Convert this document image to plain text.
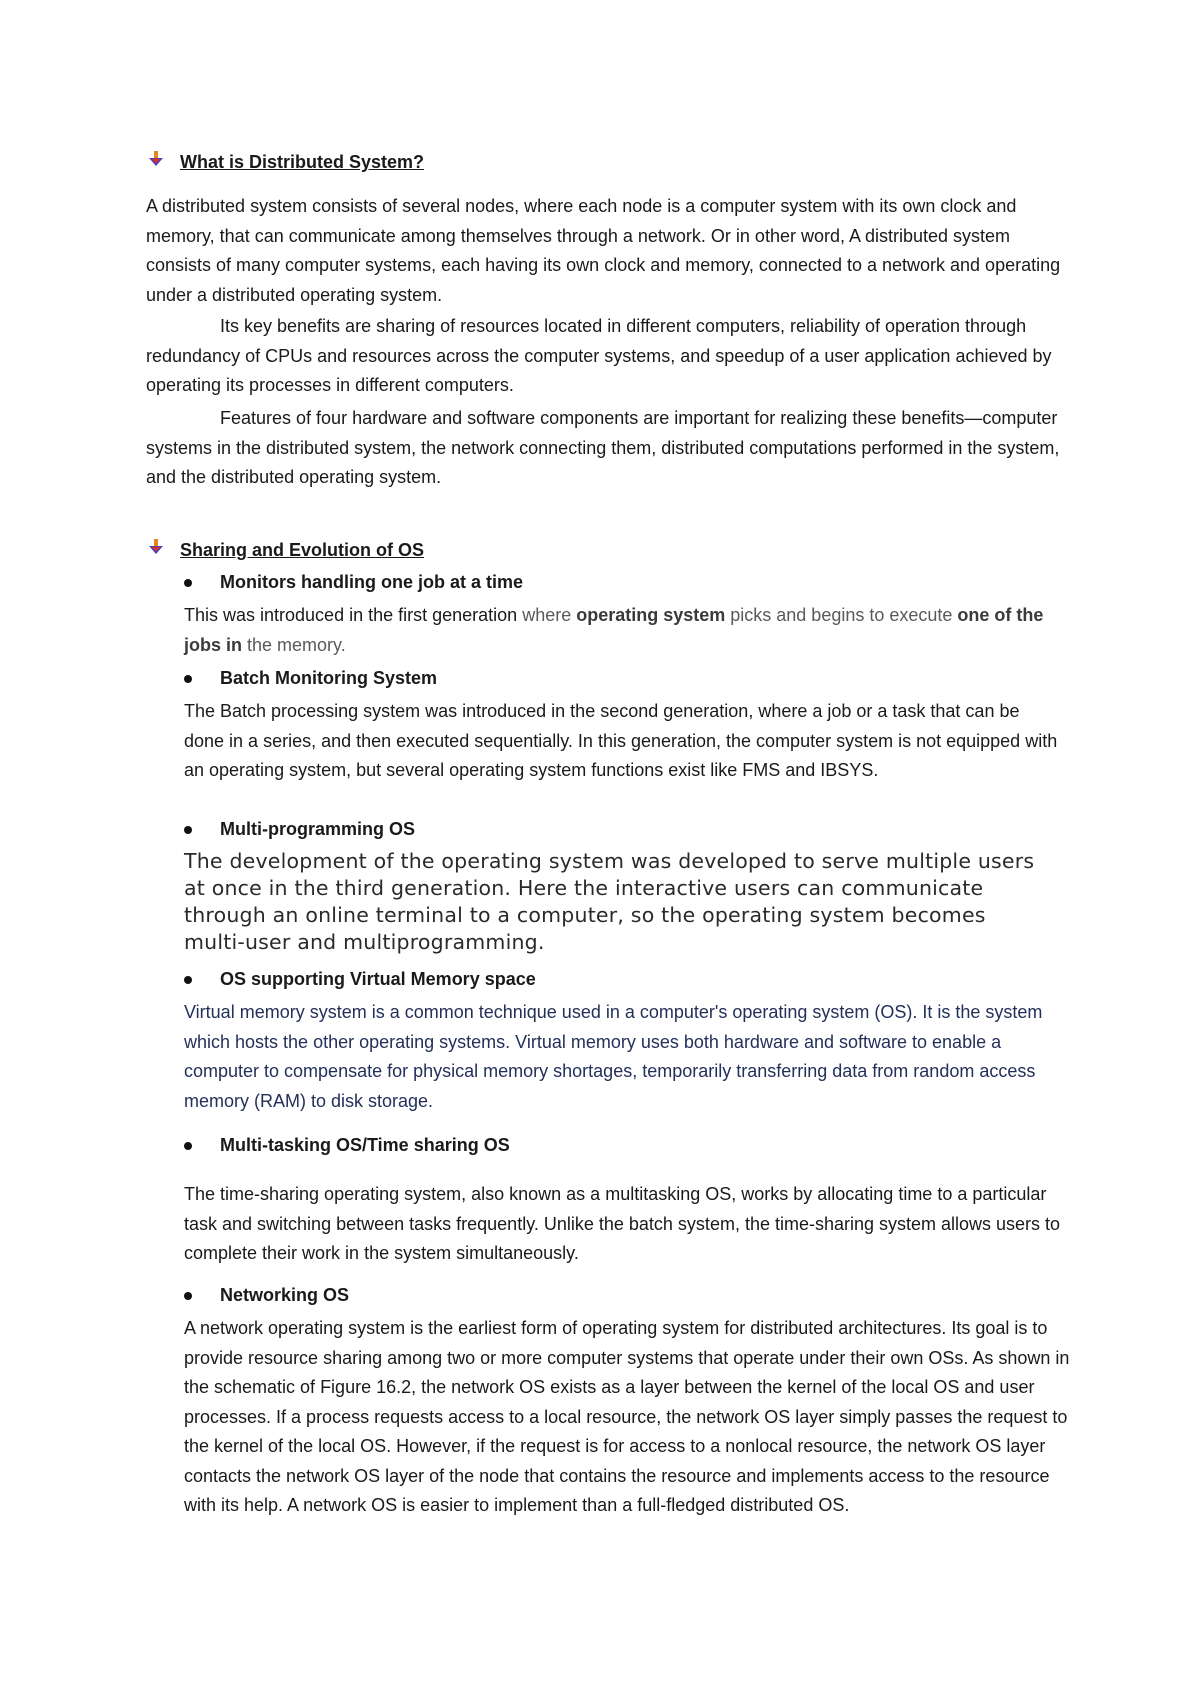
What is Distributed System?

A distributed system consists of several nodes, where each node is a computer system with its own clock and memory, that can communicate among themselves through a network. Or in other word, A distributed system consists of many computer systems, each having its own clock and memory, connected to a network and operating under a distributed operating system.

Its key benefits are sharing of resources located in different computers, reliability of operation through redundancy of CPUs and resources across the computer systems, and speedup of a user application achieved by operating its processes in different computers.

Features of four hardware and software components are important for realizing these benefits—computer systems in the distributed system, the network connecting them, distributed computations performed in the system, and the distributed operating system.

Sharing and Evolution of OS
Monitors handling one job at a time

This was introduced in the first generation where operating system picks and begins to execute one of the jobs in the memory.

Batch Monitoring System

The Batch processing system was introduced in the second generation, where a job or a task that can be done in a series, and then executed sequentially. In this generation, the computer system is not equipped with an operating system, but several operating system functions exist like FMS and IBSYS.

Multi-programming OS

The development of the operating system was developed to serve multiple users at once in the third generation. Here the interactive users can communicate through an online terminal to a computer, so the operating system becomes multi-user and multiprogramming.

OS supporting Virtual Memory space

Virtual memory system is a common technique used in a computer's operating system (OS). It is the system which hosts the other operating systems. Virtual memory uses both hardware and software to enable a computer to compensate for physical memory shortages, temporarily transferring data from random access memory (RAM) to disk storage.

Multi-tasking OS/Time sharing OS

The time-sharing operating system, also known as a multitasking OS, works by allocating time to a particular task and switching between tasks frequently. Unlike the batch system, the time-sharing system allows users to complete their work in the system simultaneously.

Networking OS

A network operating system is the earliest form of operating system for distributed architectures. Its goal is to provide resource sharing among two or more computer systems that operate under their own OSs. As shown in the schematic of Figure 16.2, the network OS exists as a layer between the kernel of the local OS and user processes. If a process requests access to a local resource, the network OS layer simply passes the request to the kernel of the local OS. However, if the request is for access to a nonlocal resource, the network OS layer contacts the network OS layer of the node that contains the resource and implements access to the resource with its help. A network OS is easier to implement than a full-fledged distributed OS.
